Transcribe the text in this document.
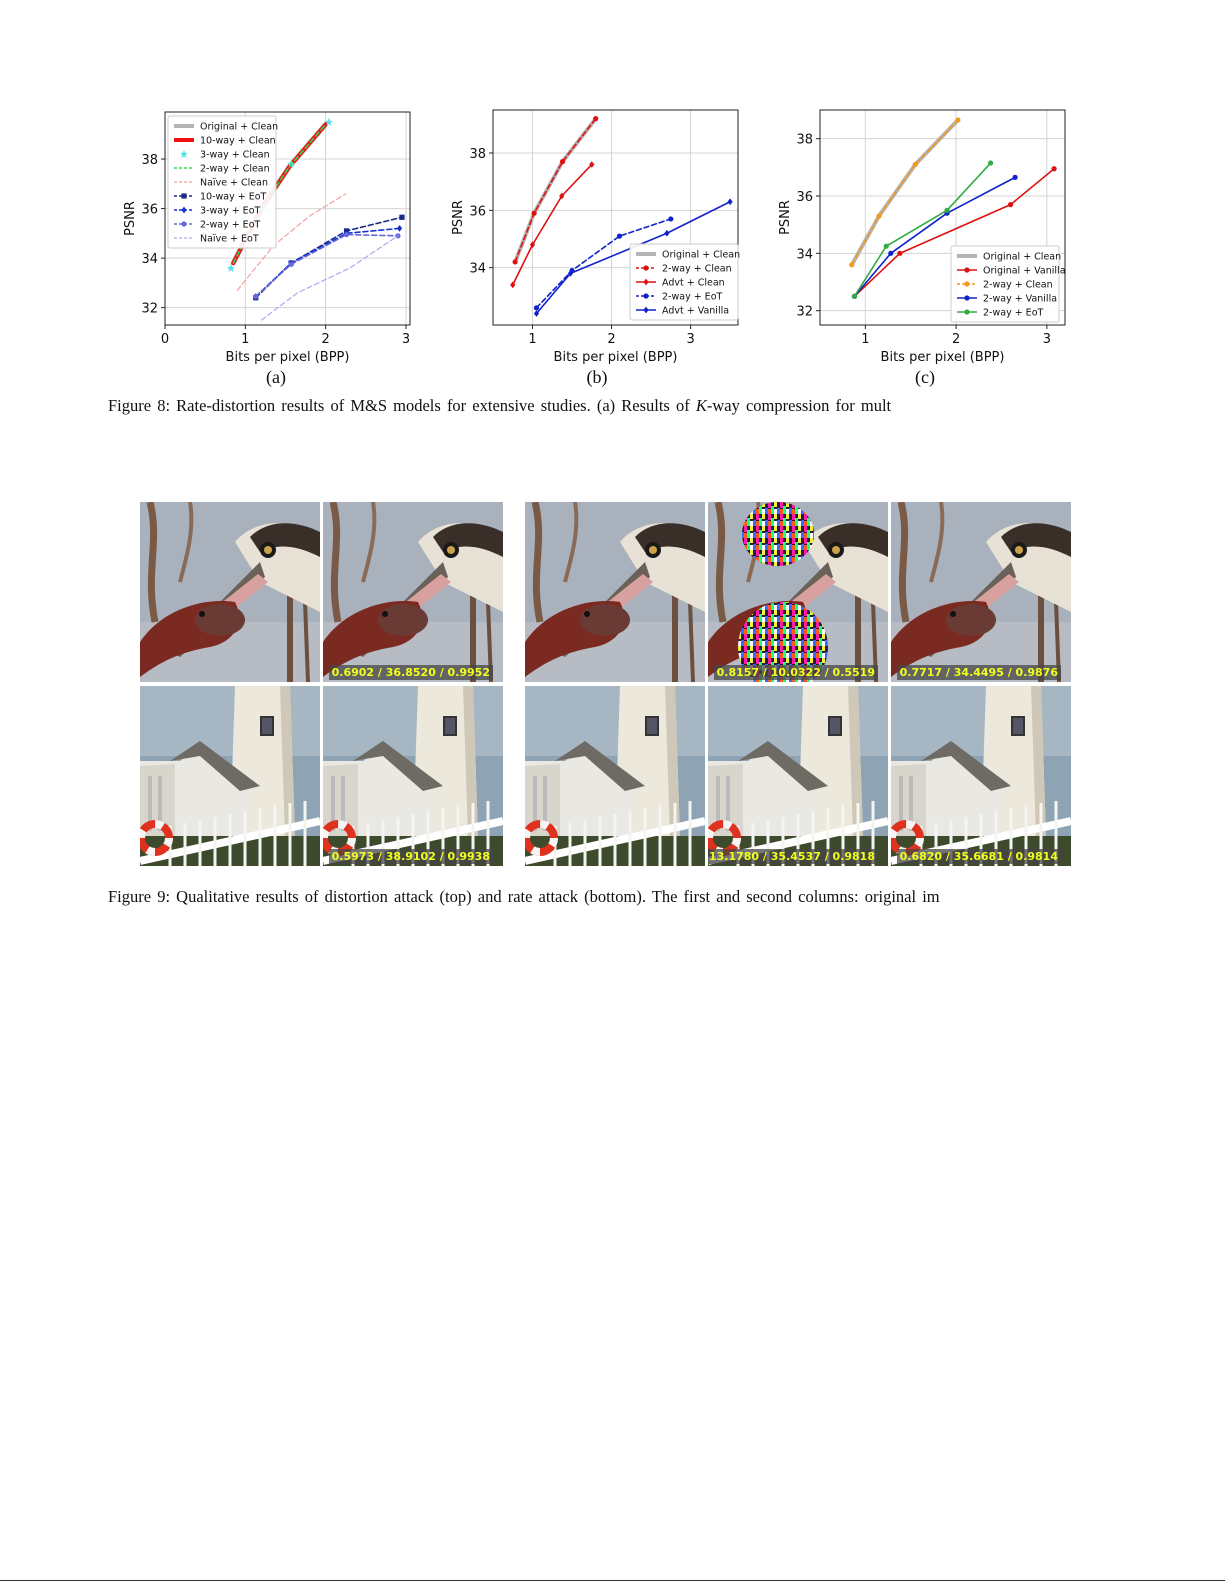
0	1	2	3
32
34
36
38
Bits per pixel (BPP)
PSNR
Original + Clean
10-way + Clean
3-way + Clean
2-way + Clean
Naïve + Clean
10-way + EoT
3-way + EoT
2-way + EoT
Naïve + EoT
1	2	3
34
36
38
Bits per pixel (BPP)
PSNR
Original + Clean
2-way + Clean
Advt + Clean
2-way + EoT
Advt + Vanilla
1	2	3
32
34
36
38
Bits per pixel (BPP)
PSNR
Original + Clean
Original + Vanilla
2-way + Clean
2-way + Vanilla
2-way + EoT
(a)	(b)	(c)
Figure 8: Rate-distortion results of M&S models for extensive studies. (a) Results of K-way compression for mult
0.6902 / 36.8520 / 0.9952	0.8157 / 10.0322 / 0.5519 0.7717 / 34.4495 / 0.9876
0.5973 / 38.9102 / 0.9938	13.1780 / 35.4537 / 0.9818 0.6820 / 35.6681 / 0.9814
Figure 9: Qualitative results of distortion attack (top) and rate attack (bottom). The first and second columns: original im
